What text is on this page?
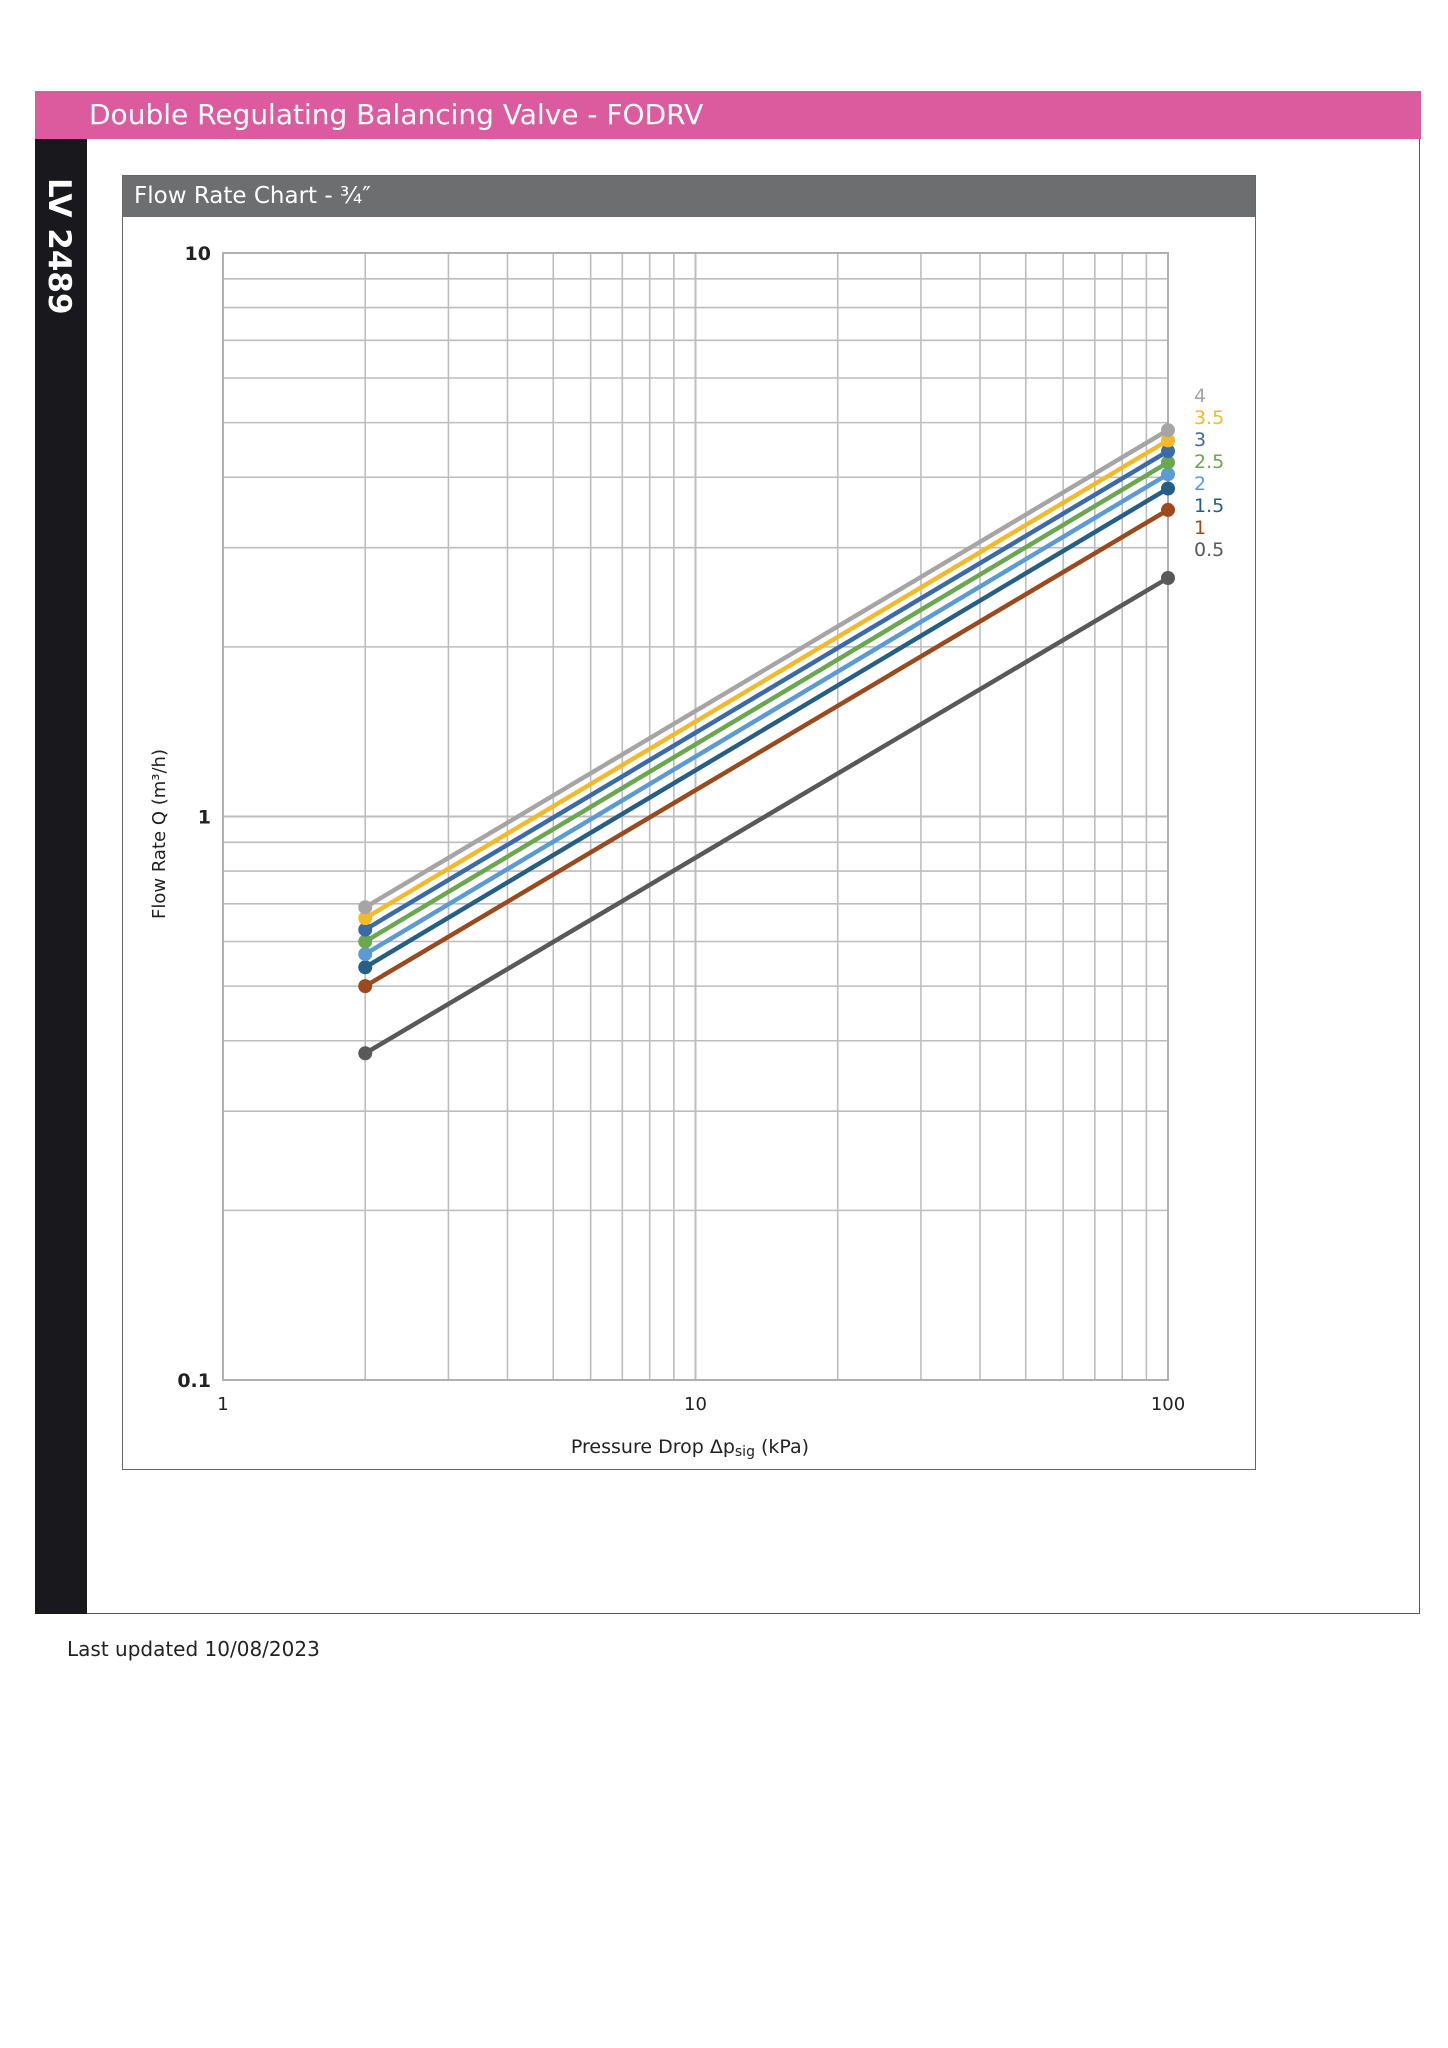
Double Regulating Balancing Valve - FODRV
LV 2489 Flow Rate Chart - ¾″
1	10	100
0.1
1
10
4
3.5
3
2.5
2
1.5
1
0.5
Pressure Drop Δpsig (kPa)
Flow Rate Q (m³/h)
Last updated 10/08/2023
